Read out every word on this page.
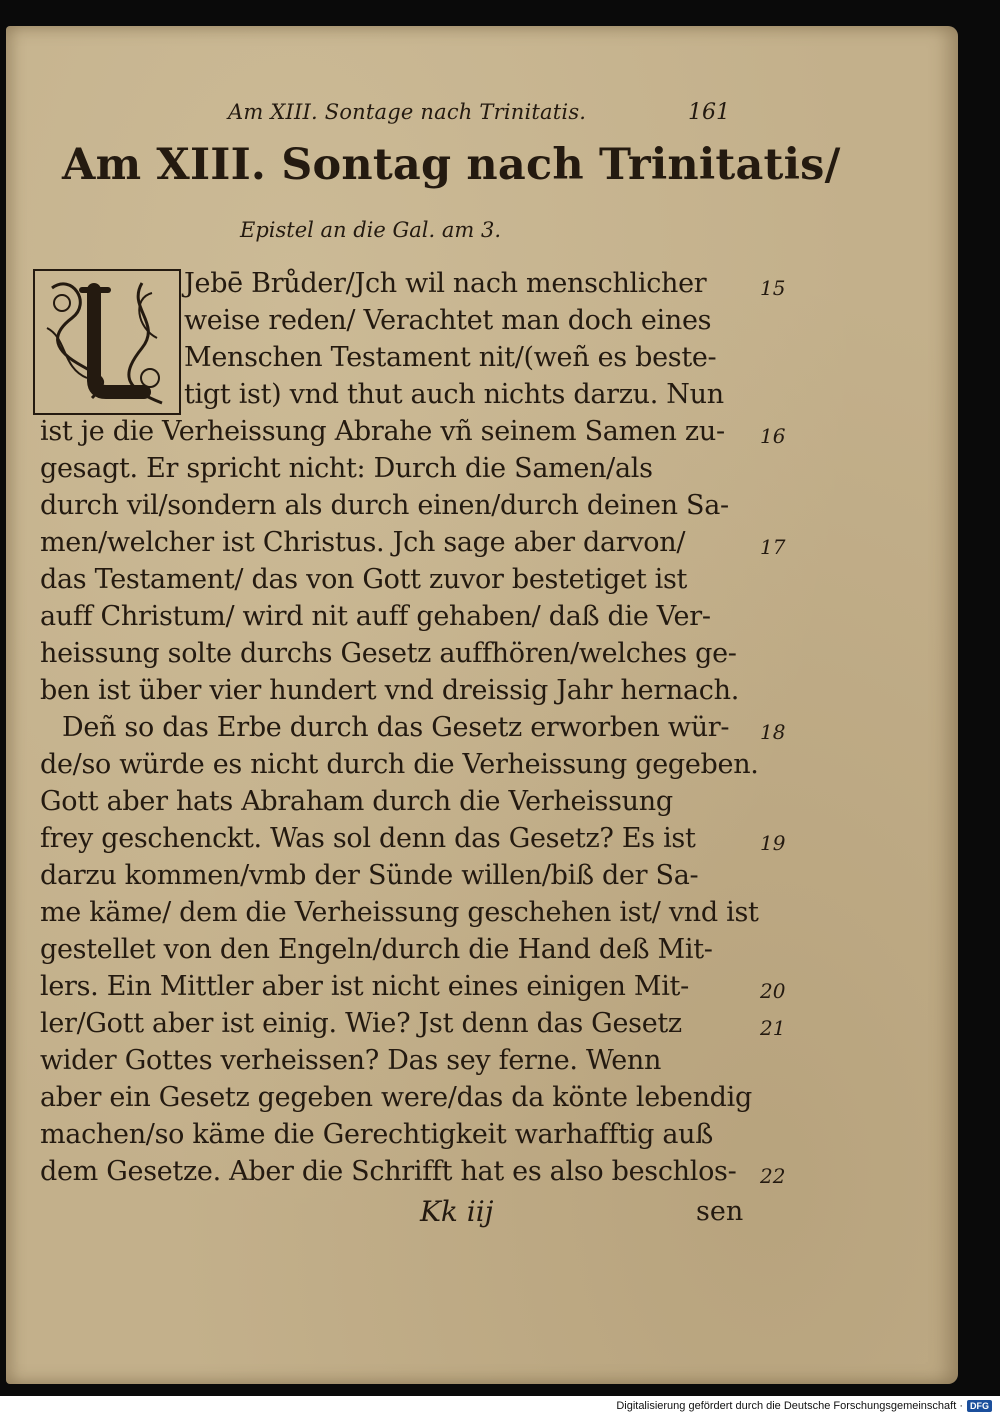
Am XIII. Sontage nach Trinitatis.	161
Am XIII. Sontag nach Trinitatis/
Epistel an die Gal. am 3.
Jebē Brůder/Jch wil nach menschlicher
weise reden/ Verachtet man doch eines
Menschen Testament nit/(weñ es beste‑
tigt ist) vnd thut auch nichts darzu. Nun
ist je die Verheissung Abrahe vñ seinem Samen zu‑
gesagt. Er spricht nicht: Durch die Samen/als
durch vil/sondern als durch einen/durch deinen Sa‑
men/welcher ist Christus. Jch sage aber darvon/
das Testament/ das von Gott zuvor bestetiget ist
auff Christum/ wird nit auff gehaben/ daß die Ver‑
heissung solte durchs Gesetz auffhören/welches ge‑
ben ist über vier hundert vnd dreissig Jahr hernach.
Deñ so das Erbe durch das Gesetz erworben wür‑
de/so würde es nicht durch die Verheissung gegeben.
Gott aber hats Abraham durch die Verheissung
frey geschenckt. Was sol denn das Gesetz? Es ist
darzu kommen/vmb der Sünde willen/biß der Sa‑
me käme/ dem die Verheissung geschehen ist/ vnd ist
gestellet von den Engeln/durch die Hand deß Mit‑
lers. Ein Mittler aber ist nicht eines einigen Mit‑
ler/Gott aber ist einig. Wie? Jst denn das Gesetz
wider Gottes verheissen? Das sey ferne. Wenn
aber ein Gesetz gegeben were/das da könte lebendig
machen/so käme die Gerechtigkeit warhafftig auß
dem Gesetze. Aber die Schrifft hat es also beschlos‑
15
16
17
18
19
20
21
22
Kk iij	sen
Digitalisierung gefördert durch die Deutsche Forschungsgemeinschaft · DFG
